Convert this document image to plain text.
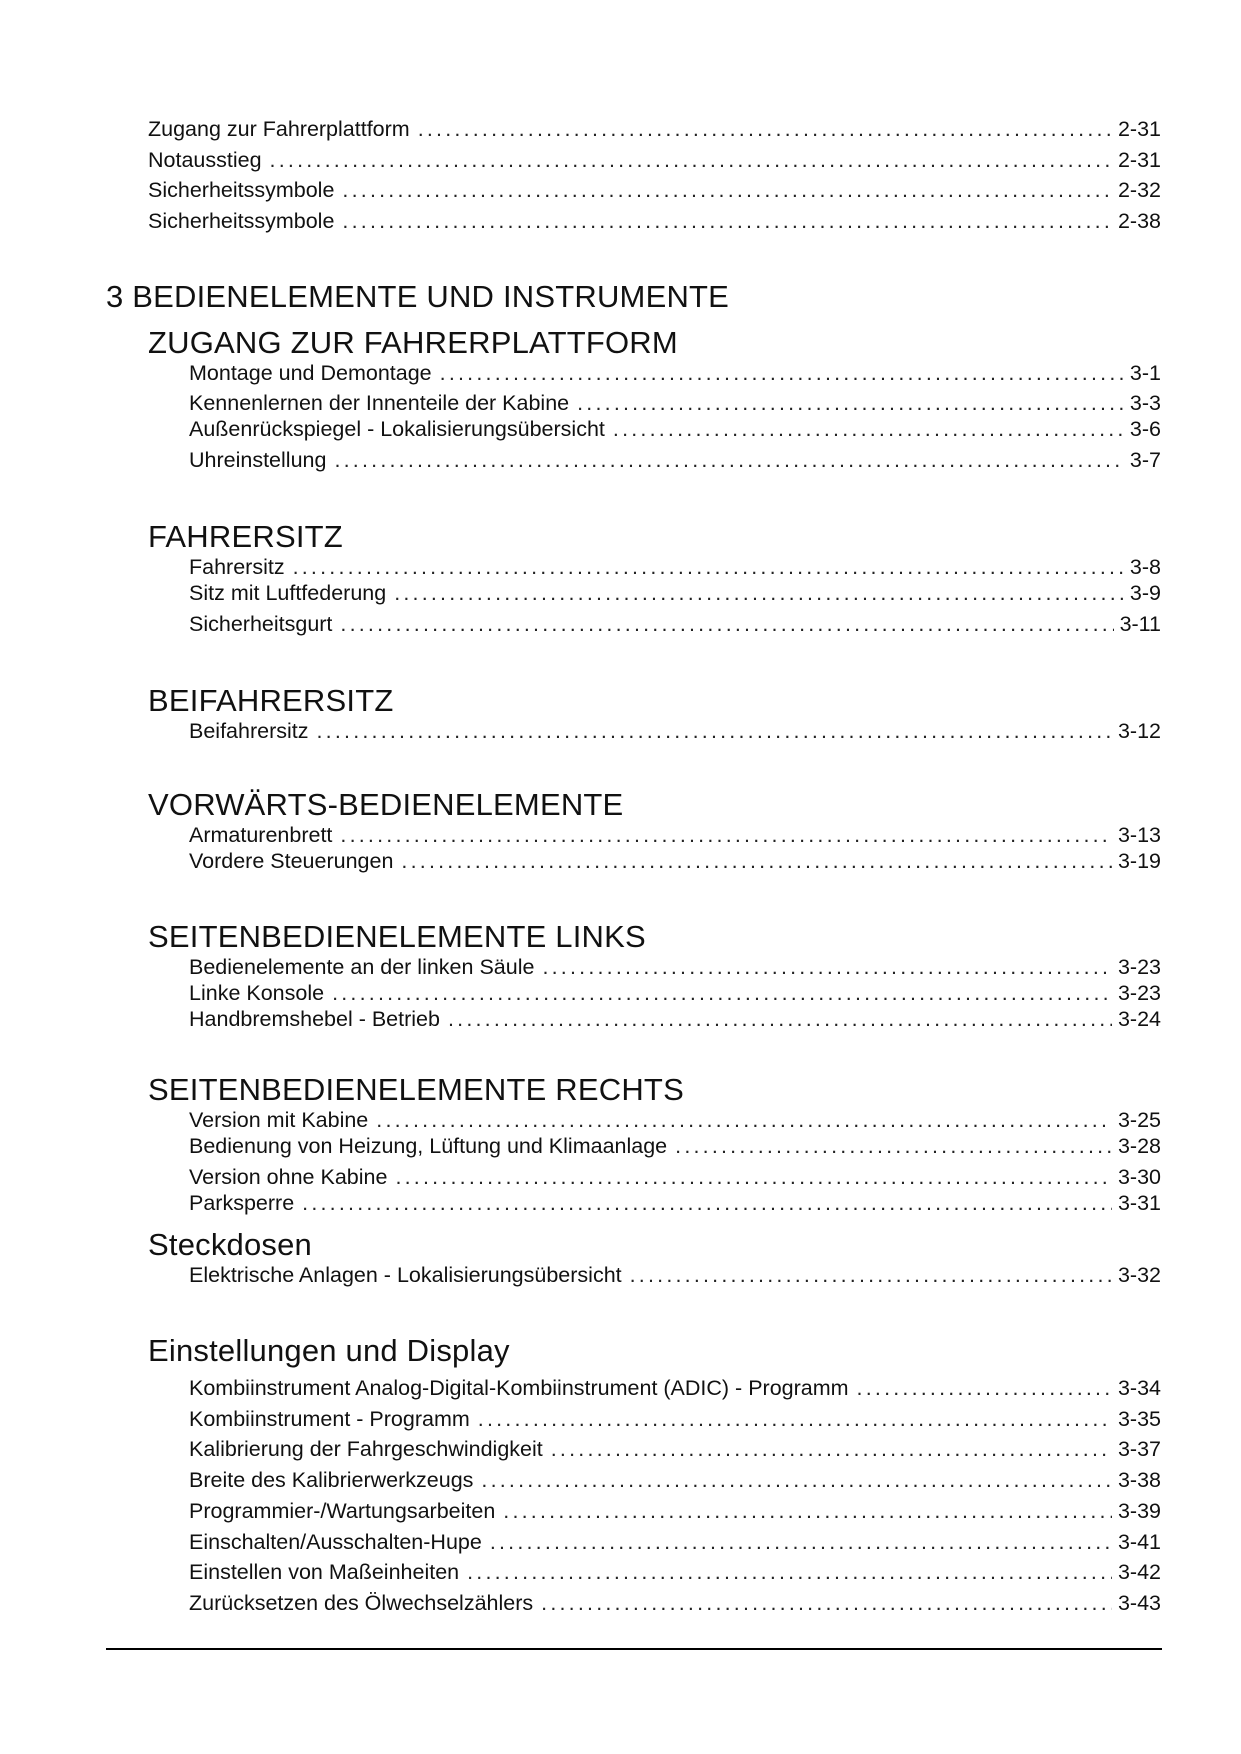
Zugang zur Fahrerplattform .....	2-31
Notausstieg .....	2-31
Sicherheitssymbole .....	2-32
Sicherheitssymbole .....	2-38
3 BEDIENELEMENTE UND INSTRUMENTE
ZUGANG ZUR FAHRERPLATTFORM
Montage und Demontage .....	3-1
Kennenlernen der Innenteile der Kabine .....	3-3
Außenrückspiegel - Lokalisierungsübersicht .....	3-6
Uhreinstellung .....	3-7
FAHRERSITZ
Fahrersitz .....	3-8
Sitz mit Luftfederung .....	3-9
Sicherheitsgurt .....	3-11
BEIFAHRERSITZ
Beifahrersitz .....	3-12
VORWÄRTS-BEDIENELEMENTE
Armaturenbrett .....	3-13
Vordere Steuerungen .....	3-19
SEITENBEDIENELEMENTE LINKS
Bedienelemente an der linken Säule .....	3-23
Linke Konsole .....	3-23
Handbremshebel - Betrieb .....	3-24
SEITENBEDIENELEMENTE RECHTS
Version mit Kabine .....	3-25
Bedienung von Heizung, Lüftung und Klimaanlage .....	3-28
Version ohne Kabine .....	3-30
Parksperre .....	3-31
Steckdosen
Elektrische Anlagen - Lokalisierungsübersicht .....	3-32
Einstellungen und Display
Kombiinstrument Analog-Digital-Kombiinstrument (ADIC) - Programm .....	3-34
Kombiinstrument - Programm .....	3-35
Kalibrierung der Fahrgeschwindigkeit .....	3-37
Breite des Kalibrierwerkzeugs .....	3-38
Programmier-/Wartungsarbeiten .....	3-39
Einschalten/Ausschalten-Hupe .....	3-41
Einstellen von Maßeinheiten .....	3-42
Zurücksetzen des Ölwechselzählers .....	3-43
